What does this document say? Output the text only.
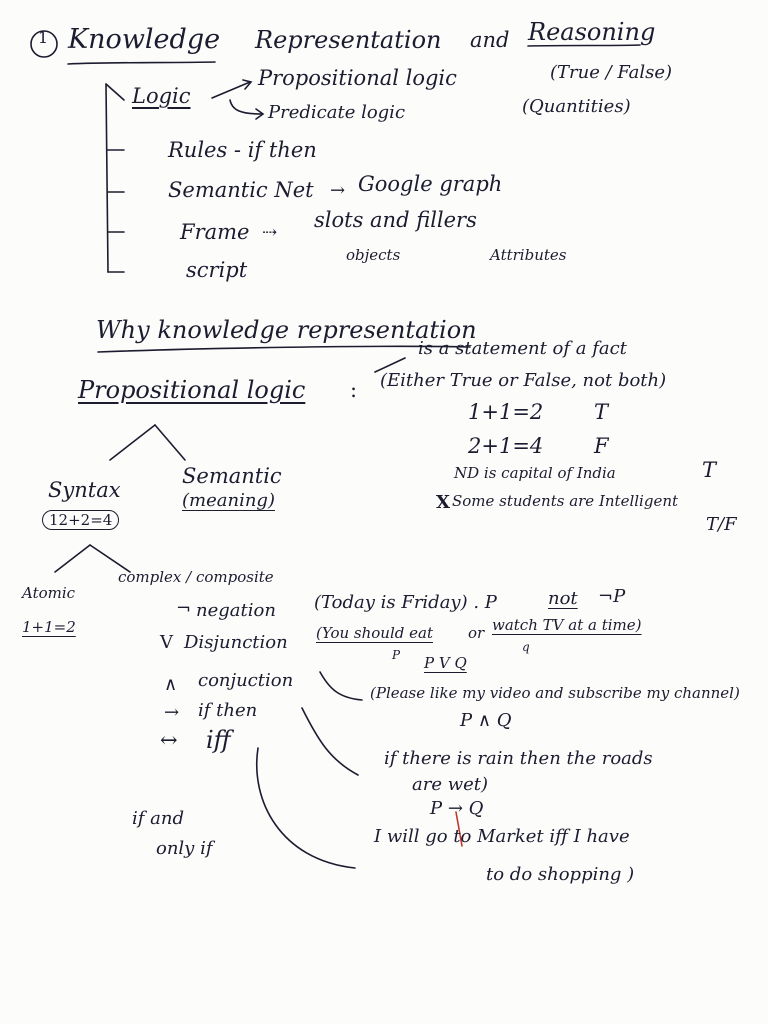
1 Knowledge Representation and Reasoning
Logic
Propositional logic	(True / False)
Predicate logic	(Quantities)
Rules - if then
Semantic Net Google graph
→
Frame ⇢
slots and fillers
script
objects	Attributes
Why knowledge representation
Propositional logic :
is a statement of a fact
(Either True or False, not both)
1+1=2 T
2+1=4 F
ND is capital of India	T
X Some students are Intelligent
T/F
Syntax
12+2=4
Semantic
(meaning)
Atomic
1+1=2
complex / composite
¬ negation (Today is Friday) . P	not ¬P
V Disjunction (You should eat or watch TV at a time)
P
q
P V Q
∧ conjuction
(Please like my video and subscribe my channel)
P ∧ Q
→ if then
if there is rain then the roads
are wet)
P → Q
↔ iff
if and
only if
I will go to Market iff I have
to do shopping )
